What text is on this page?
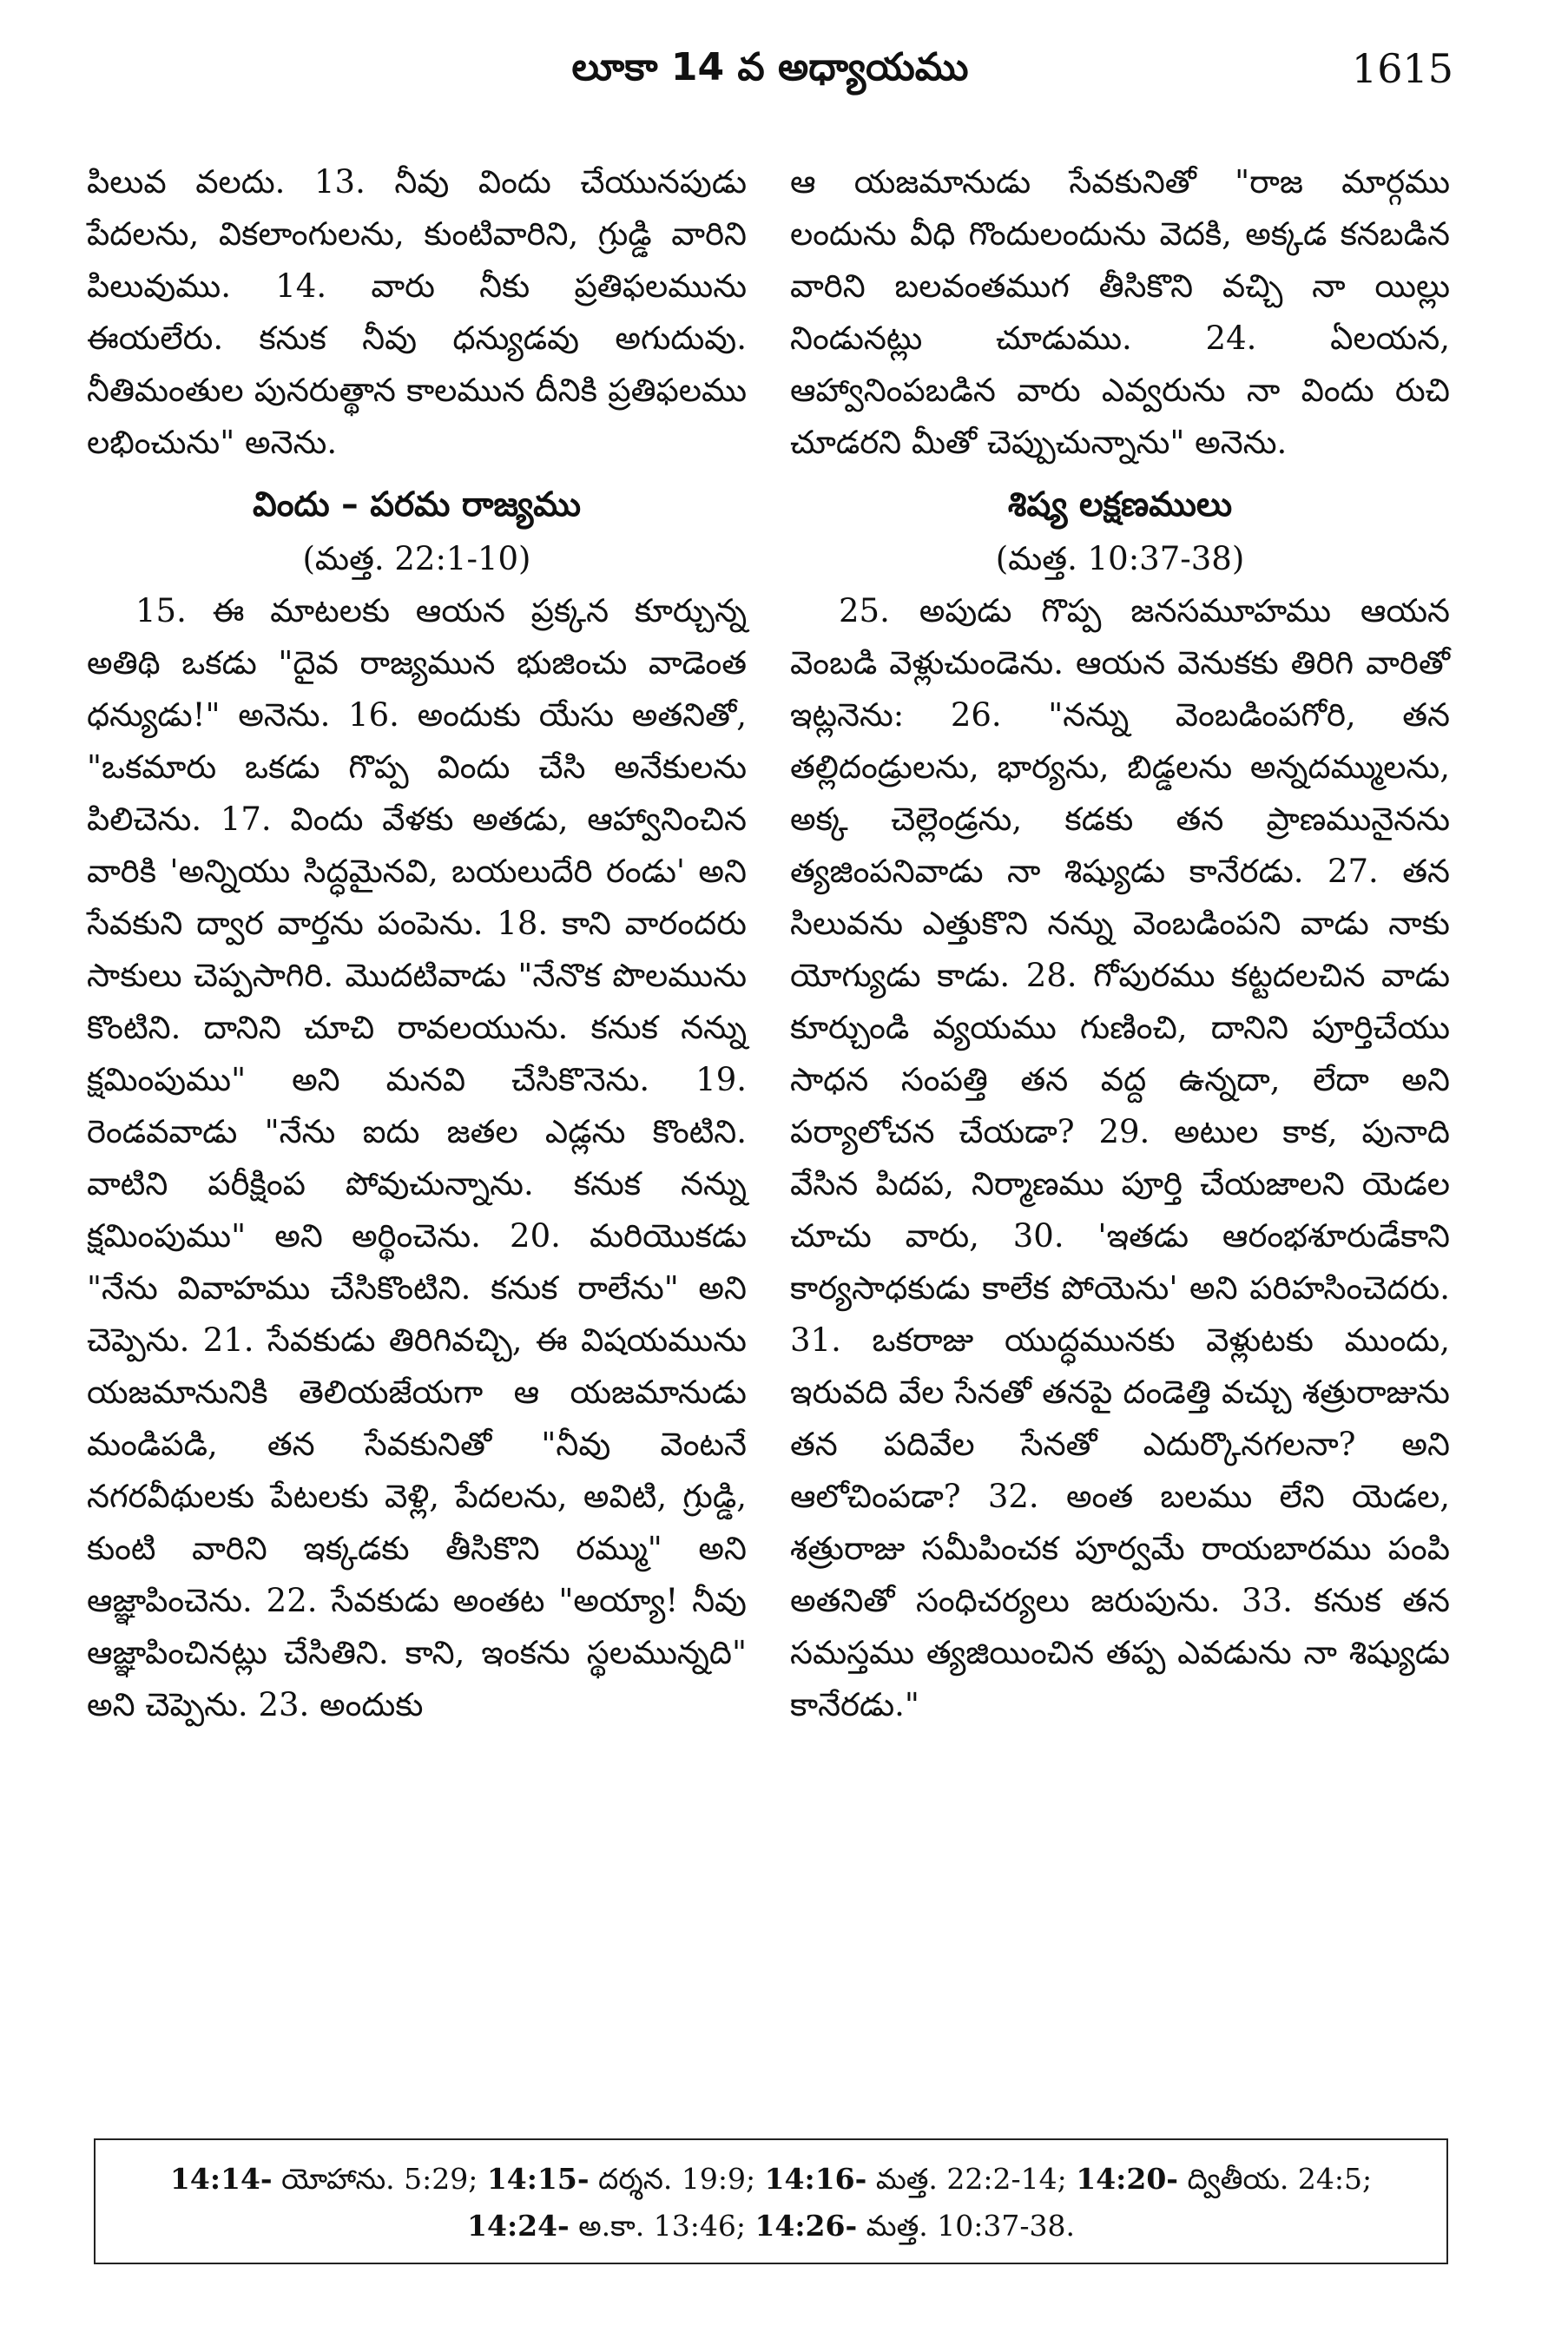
లూకా 14 వ అధ్యాయము	1615

పిలువ వలదు. 13. నీవు విందు చేయునపుడు పేదలను, వికలాంగులను, కుంటివారిని, గ్రుడ్డి వారిని పిలువుము. 14. వారు నీకు ప్రతిఫలమును ఈయలేరు. కనుక నీవు ధన్యుడవు అగుదువు. నీతిమంతుల పునరుత్థాన కాలమున దీనికి ప్రతిఫలము లభించును" అనెను.

విందు – పరమ రాజ్యము
(మత్త. 22:1-10)

15. ఈ మాటలకు ఆయన ప్రక్కన కూర్చున్న అతిథి ఒకడు "దైవ రాజ్యమున భుజించు వాడెంత ధన్యుడు!" అనెను. 16. అందుకు యేసు అతనితో, "ఒకమారు ఒకడు గొప్ప విందు చేసి అనేకులను పిలిచెను. 17. విందు వేళకు అతడు, ఆహ్వానించిన వారికి 'అన్నియు సిద్ధమైనవి, బయలుదేరి రండు' అని సేవకుని ద్వార వార్తను పంపెను. 18. కాని వారందరు సాకులు చెప్పసాగిరి. మొదటివాడు "నేనొక పొలమును కొంటిని. దానిని చూచి రావలయును. కనుక నన్ను క్షమింపుము" అని మనవి చేసికొనెను. 19. రెండవవాడు "నేను ఐదు జతల ఎడ్లను కొంటిని. వాటిని పరీక్షింప పోవుచున్నాను. కనుక నన్ను క్షమింపుము" అని అర్థించెను. 20. మరియొకడు "నేను వివాహము చేసికొంటిని. కనుక రాలేను" అని చెప్పెను. 21. సేవకుడు తిరిగివచ్చి, ఈ విషయమును యజమానునికి తెలియజేయగా ఆ యజమానుడు మండిపడి, తన సేవకునితో "నీవు వెంటనే నగరవీథులకు పేటలకు వెళ్లి, పేదలను, అవిటి, గ్రుడ్డి, కుంటి వారిని ఇక్కడకు తీసికొని రమ్ము" అని ఆజ్ఞాపించెను. 22. సేవకుడు అంతట "అయ్యా! నీవు ఆజ్ఞాపించినట్లు చేసితిని. కాని, ఇంకను స్థలమున్నది" అని చెప్పెను. 23. అందుకు

ఆ యజమానుడు సేవకునితో "రాజ మార్గము లందును వీధి గొందులందును వెదకి, అక్కడ కనబడిన వారిని బలవంతముగ తీసికొని వచ్చి నా యిల్లు నిండునట్లు చూడుము. 24. ఏలయన, ఆహ్వానింపబడిన వారు ఎవ్వరును నా విందు రుచి చూడరని మీతో చెప్పుచున్నాను" అనెను.

శిష్య లక్షణములు
(మత్త. 10:37-38)

25. అపుడు గొప్ప జనసమూహము ఆయన వెంబడి వెళ్లుచుండెను. ఆయన వెనుకకు తిరిగి వారితో ఇట్లనెను: 26. "నన్ను వెంబడింపగోరి, తన తల్లిదండ్రులను, భార్యను, బిడ్డలను అన్నదమ్ములను, అక్క చెల్లెండ్రను, కడకు తన ప్రాణమునైనను త్యజింపనివాడు నా శిష్యుడు కానేరడు. 27. తన సిలువను ఎత్తుకొని నన్ను వెంబడింపని వాడు నాకు యోగ్యుడు కాడు. 28. గోపురము కట్టదలచిన వాడు కూర్చుండి వ్యయము గుణించి, దానిని పూర్తిచేయు సాధన సంపత్తి తన వద్ద ఉన్నదా, లేదా అని పర్యాలోచన చేయడా? 29. అటుల కాక, పునాది వేసిన పిదప, నిర్మాణము పూర్తి చేయజాలని యెడల చూచు వారు, 30. 'ఇతడు ఆరంభశూరుడేకాని కార్యసాధకుడు కాలేక పోయెను' అని పరిహసించెదరు. 31. ఒకరాజు యుద్ధమునకు వెళ్లుటకు ముందు, ఇరువది వేల సేనతో తనపై దండెత్తి వచ్చు శత్రురాజును తన పదివేల సేనతో ఎదుర్కొనగలనా? అని ఆలోచింపడా? 32. అంత బలము లేని యెడల, శత్రురాజు సమీపించక పూర్వమే రాయబారము పంపి అతనితో సంధిచర్యలు జరుపును. 33. కనుక తన సమస్తము త్యజియించిన తప్ప ఎవడును నా శిష్యుడు కానేరడు."

14:14- యోహాను. 5:29; 14:15- దర్శన. 19:9; 14:16- మత్త. 22:2-14; 14:20- ద్వితీయ. 24:5;
14:24- అ.కా. 13:46; 14:26- మత్త. 10:37-38.
